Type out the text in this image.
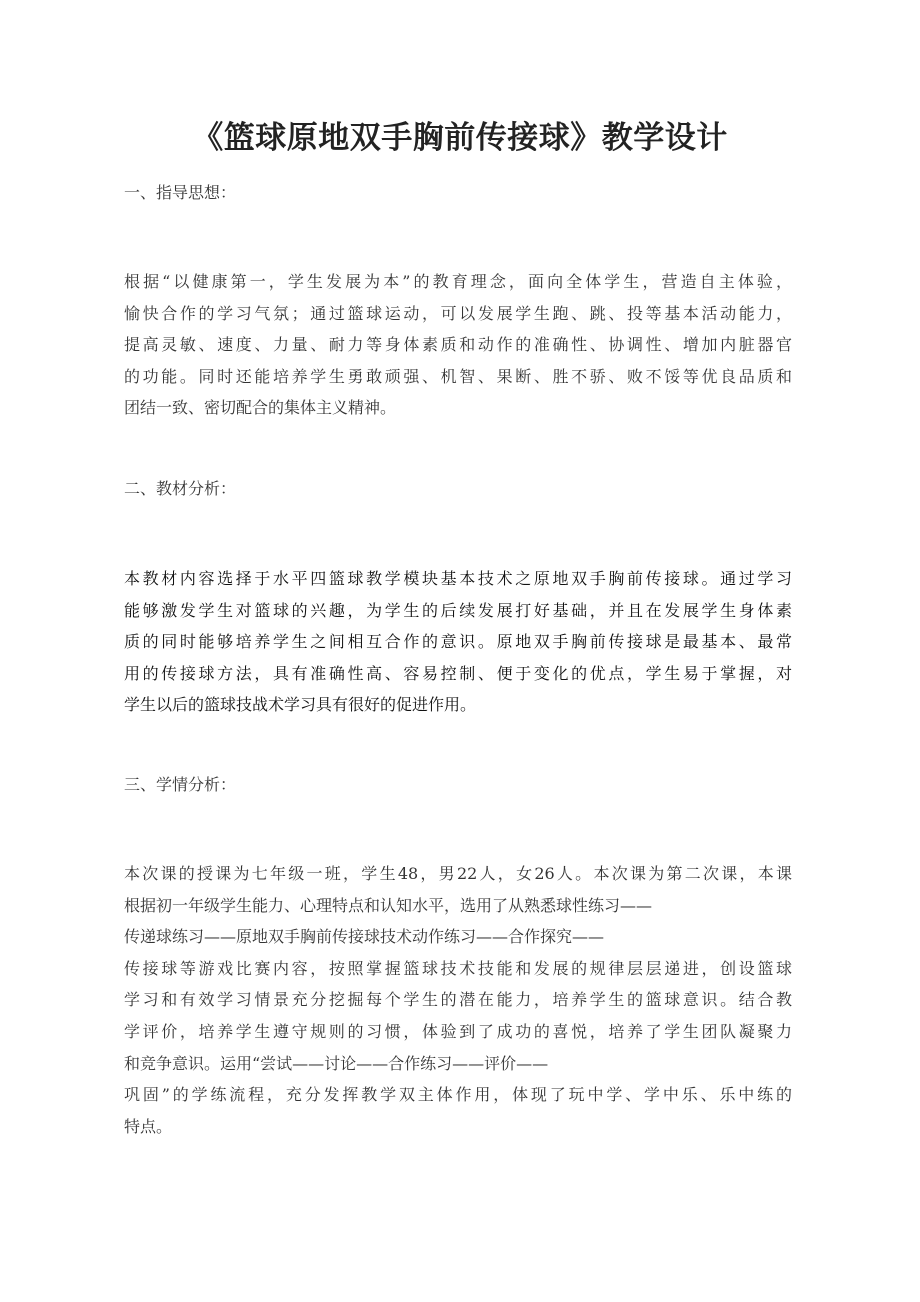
《篮球原地双手胸前传接球》教学设计
一、指导思想：
根据“以健康第一，学生发展为本”的教育理念，面向全体学生，营造自主体验，
愉快合作的学习气氛；通过篮球运动，可以发展学生跑、跳、投等基本活动能力，
提高灵敏、速度、力量、耐力等身体素质和动作的准确性、协调性、增加内脏器官
的功能。同时还能培养学生勇敢顽强、机智、果断、胜不骄、败不馁等优良品质和
团结一致、密切配合的集体主义精神。
二、教材分析：
本教材内容选择于水平四篮球教学模块基本技术之原地双手胸前传接球。通过学习
能够激发学生对篮球的兴趣，为学生的后续发展打好基础，并且在发展学生身体素
质的同时能够培养学生之间相互合作的意识。原地双手胸前传接球是最基本、最常
用的传接球方法，具有准确性高、容易控制、便于变化的优点，学生易于掌握，对
学生以后的篮球技战术学习具有很好的促进作用。
三、学情分析：
本次课的授课为七年级一班，学生48，男22人，女26人。本次课为第二次课，本课
根据初一年级学生能力、心理特点和认知水平，选用了从熟悉球性练习——
传递球练习——原地双手胸前传接球技术动作练习——合作探究——
传接球等游戏比赛内容，按照掌握篮球技术技能和发展的规律层层递进，创设篮球
学习和有效学习情景充分挖掘每个学生的潜在能力，培养学生的篮球意识。结合教
学评价，培养学生遵守规则的习惯，体验到了成功的喜悦，培养了学生团队凝聚力
和竞争意识。运用“尝试——讨论——合作练习——评价——
巩固”的学练流程，充分发挥教学双主体作用，体现了玩中学、学中乐、乐中练的
特点。
